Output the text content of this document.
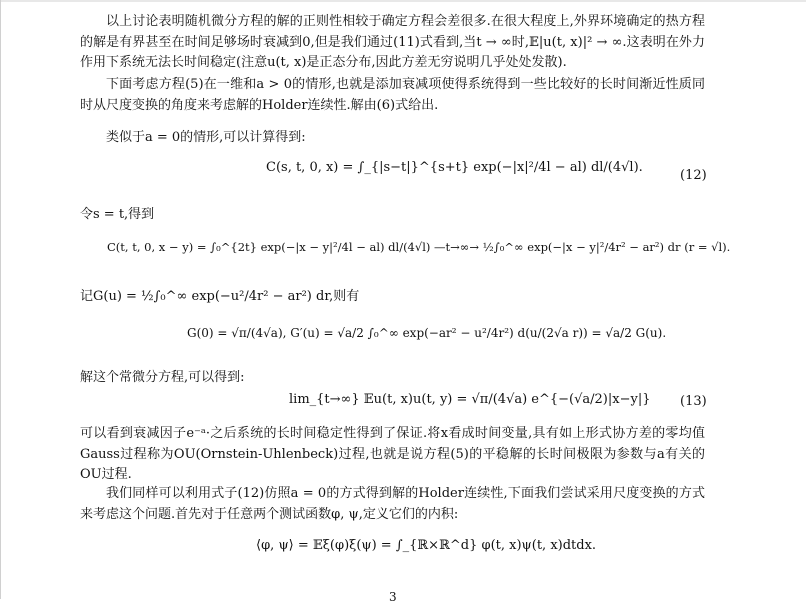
以上讨论表明随机微分方程的解的正则性相较于确定方程会差很多.在很大程度上,外界环境确定的热方程的解是有界甚至在时间足够场时衰减到0,但是我们通过(11)式看到,当t → ∞时,𝔼|u(t, x)|² → ∞.这表明在外力作用下系统无法长时间稳定(注意u(t, x)是正态分布,因此方差无穷说明几乎处处发散).

下面考虑方程(5)在一维和a > 0的情形,也就是添加衰减项使得系统得到一些比较好的长时间渐近性质同时从尺度变换的角度来考虑解的Holder连续性.解由(6)式给出.

类似于a = 0的情形,可以计算得到:

C(s, t, 0, x) = ∫_{|s−t|}^{s+t} exp(−|x|²/4l − al) dl/(4√l).
(12)

令s = t,得到

C(t, t, 0, x − y) = ∫₀^{2t} exp(−|x − y|²/4l − al) dl/(4√l) —t→∞→ ½∫₀^∞ exp(−|x − y|²/4r² − ar²) dr (r = √l).

记G(u) = ½∫₀^∞ exp(−u²/4r² − ar²) dr,则有

G(0) = √π/(4√a), G′(u) = √a/2 ∫₀^∞ exp(−ar² − u²/4r²) d(u/(2√a r)) = √a/2 G(u).

解这个常微分方程,可以得到:

lim_{t→∞} 𝔼u(t, x)u(t, y) = √π/(4√a) e^{−(√a/2)|x−y|} (13)

可以看到衰减因子e⁻ᵃ·之后系统的长时间稳定性得到了保证.将x看成时间变量,具有如上形式协方差的零均值Gauss过程称为OU(Ornstein-Uhlenbeck)过程,也就是说方程(5)的平稳解的长时间极限为参数与a有关的OU过程.

我们同样可以利用式子(12)仿照a = 0的方式得到解的Holder连续性,下面我们尝试采用尺度变换的方式来考虑这个问题.首先对于任意两个测试函数φ, ψ,定义它们的内积:

⟨φ, ψ⟩ = 𝔼ξ(φ)ξ(ψ) = ∫_{ℝ×ℝ^d} φ(t, x)ψ(t, x)dtdx.
3
